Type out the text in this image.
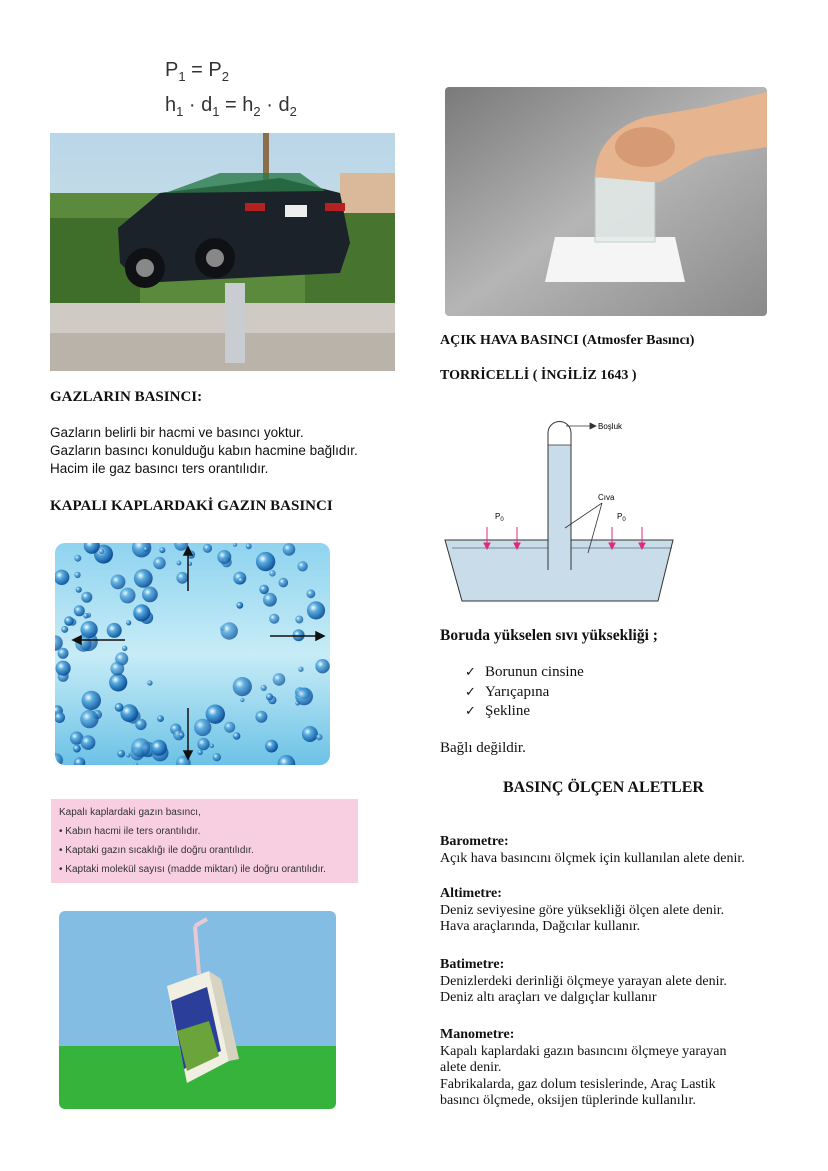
$P_1 = P_2$
$h_1 \cdot d_1 = h_2 \cdot d_2$
GAZLARIN BASINCI:
Gazların belirli bir hacmi ve basıncı yoktur.
Gazların basıncı konulduğu kabın hacmine bağlıdır.
Hacim ile gaz basıncı ters orantılıdır.
KAPALI KAPLARDAKİ GAZIN BASINCI
Kapalı kaplardaki gazın basıncı,
• Kabın hacmi ile ters orantılıdır.
• Kaptaki gazın sıcaklığı ile doğru orantılıdır.
• Kaptaki molekül sayısı (madde miktarı) ile doğru orantılıdır.
AÇIK HAVA BASINCI (Atmosfer Basıncı)
TORRİCELLİ ( İNGİLİZ 1643 )
Boşluk
Cıva
$P_0$	$P_0$
Boruda yükselen sıvı yüksekliği ;
✓ Borunun cinsine
✓ Yarıçapına
✓ Şekline
Bağlı değildir.
BASINÇ ÖLÇEN ALETLER
Barometre:
Açık hava basıncını ölçmek için kullanılan alete denir.
Altimetre:
Deniz seviyesine göre yüksekliği ölçen alete denir.
Hava araçlarında, Dağcılar kullanır.
Batimetre:
Denizlerdeki derinliği ölçmeye yarayan alete denir.
Deniz altı araçları ve dalgıçlar kullanır
Manometre:
Kapalı kaplardaki gazın basıncını ölçmeye yarayan
alete denir.
Fabrikalarda, gaz dolum tesislerinde, Araç Lastik
basıncı ölçmede, oksijen tüplerinde kullanılır.
